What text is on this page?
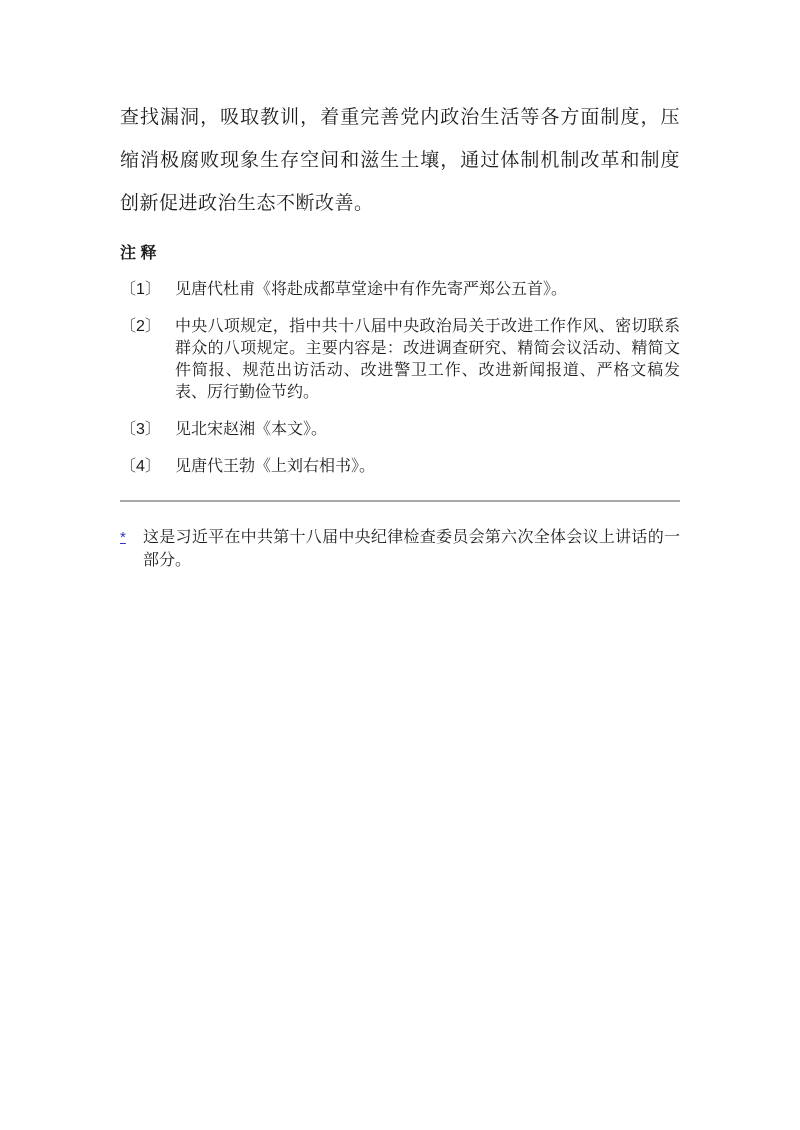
查找漏洞，吸取教训，着重完善党内政治生活等各方面制度，压缩消极腐败现象生存空间和滋生土壤，通过体制机制改革和制度创新促进政治生态不断改善。

注 释
〔1〕 见唐代杜甫《将赴成都草堂途中有作先寄严郑公五首》。
〔2〕 中央八项规定，指中共十八届中央政治局关于改进工作作风、密切联系群众的八项规定。主要内容是：改进调查研究、精简会议活动、精简文件简报、规范出访活动、改进警卫工作、改进新闻报道、严格文稿发表、厉行勤俭节约。
〔3〕 见北宋赵湘《本文》。
〔4〕 见唐代王勃《上刘右相书》。
*	这是习近平在中共第十八届中央纪律检查委员会第六次全体会议上讲话的一部分。
